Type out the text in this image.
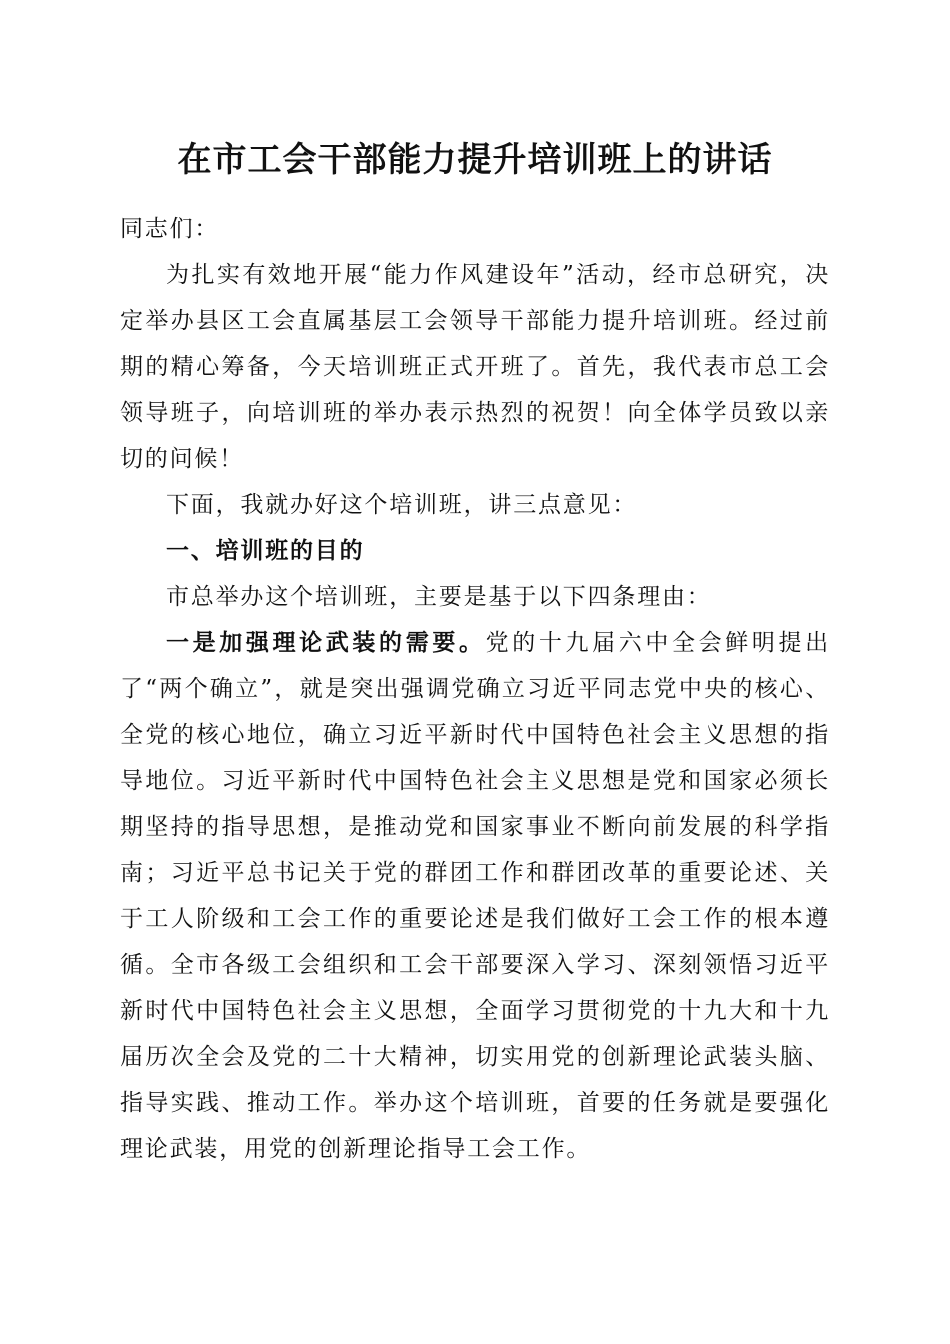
在市工会干部能力提升培训班上的讲话

同志们：

为扎实有效地开展“能力作风建设年”活动，经市总研究，决定举办县区工会直属基层工会领导干部能力提升培训班。经过前期的精心筹备，今天培训班正式开班了。首先，我代表市总工会领导班子，向培训班的举办表示热烈的祝贺！向全体学员致以亲切的问候！

下面，我就办好这个培训班，讲三点意见：

一、培训班的目的

市总举办这个培训班，主要是基于以下四条理由：

一是加强理论武装的需要。党的十九届六中全会鲜明提出了“两个确立”，就是突出强调党确立习近平同志党中央的核心、全党的核心地位，确立习近平新时代中国特色社会主义思想的指导地位。习近平新时代中国特色社会主义思想是党和国家必须长期坚持的指导思想，是推动党和国家事业不断向前发展的科学指南；习近平总书记关于党的群团工作和群团改革的重要论述、关于工人阶级和工会工作的重要论述是我们做好工会工作的根本遵循。全市各级工会组织和工会干部要深入学习、深刻领悟习近平新时代中国特色社会主义思想，全面学习贯彻党的十九大和十九届历次全会及党的二十大精神，切实用党的创新理论武装头脑、指导实践、推动工作。举办这个培训班，首要的任务就是要强化理论武装，用党的创新理论指导工会工作。
